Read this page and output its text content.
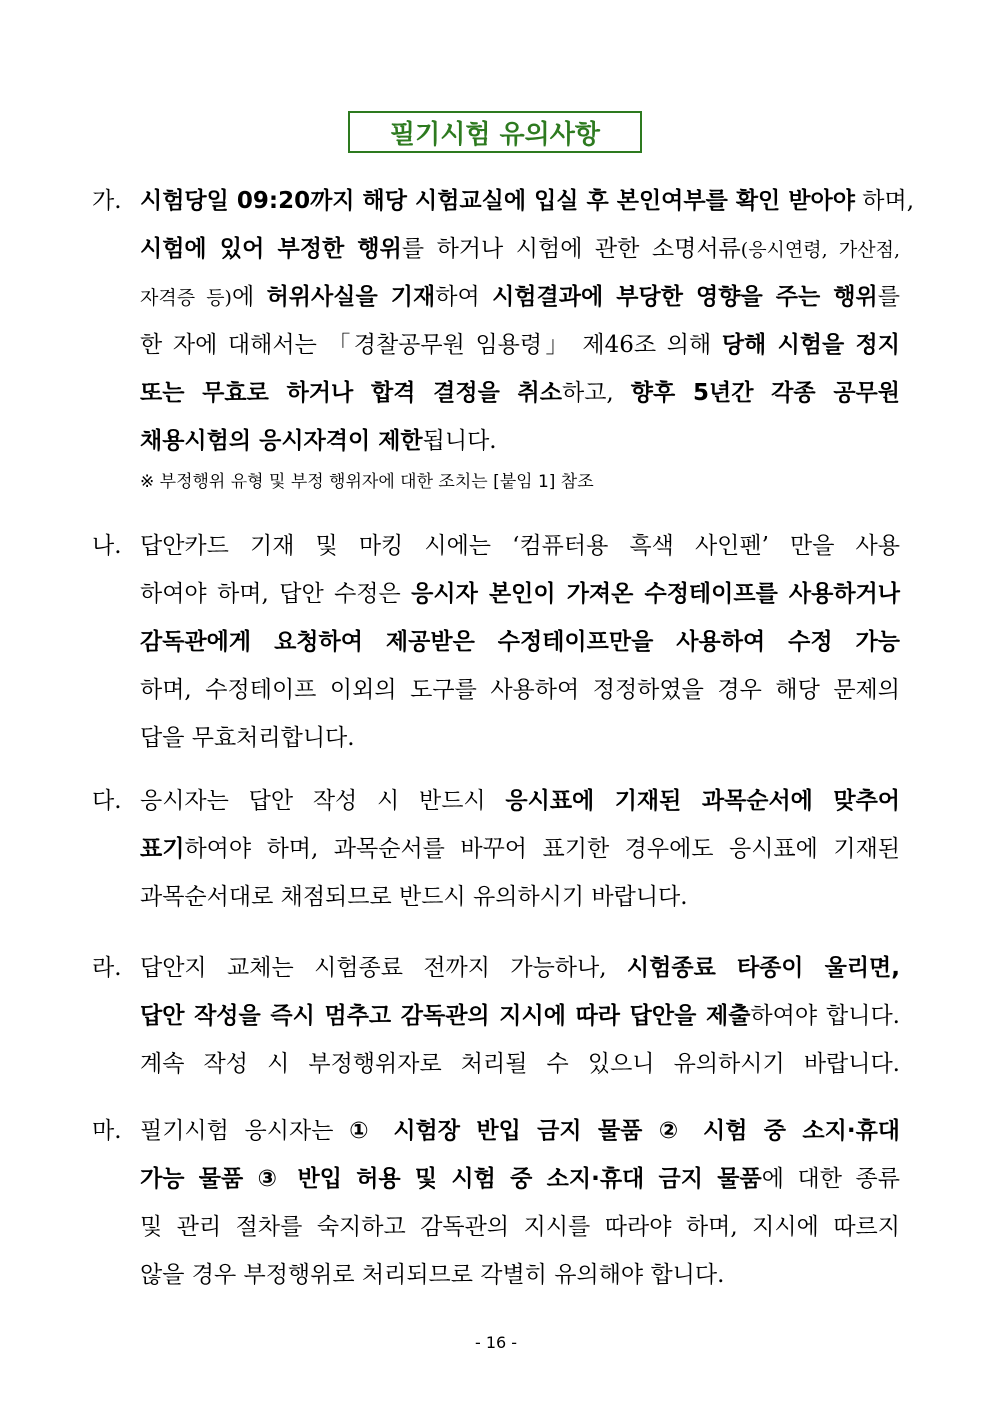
필기시험 유의사항
가. 시험당일 09:20까지 해당 시험교실에 입실 후 본인여부를 확인 받아야 하며,
시험에 있어 부정한 행위를 하거나 시험에 관한 소명서류(응시연령, 가산점,
자격증 등)에 허위사실을 기재하여 시험결과에 부당한 영향을 주는 행위를
한 자에 대해서는 「경찰공무원 임용령」 제46조 의해 당해 시험을 정지
또는 무효로 하거나 합격 결정을 취소하고, 향후 5년간 각종 공무원
채용시험의 응시자격이 제한됩니다.
※ 부정행위 유형 및 부정 행위자에 대한 조치는 [붙임 1] 참조
나. 답안카드 기재 및 마킹 시에는 ‘컴퓨터용 흑색 사인펜’ 만을 사용
하여야 하며, 답안 수정은 응시자 본인이 가져온 수정테이프를 사용하거나
감독관에게 요청하여 제공받은 수정테이프만을 사용하여 수정 가능
하며, 수정테이프 이외의 도구를 사용하여 정정하였을 경우 해당 문제의
답을 무효처리합니다.
다. 응시자는 답안 작성 시 반드시 응시표에 기재된 과목순서에 맞추어
표기하여야 하며, 과목순서를 바꾸어 표기한 경우에도 응시표에 기재된
과목순서대로 채점되므로 반드시 유의하시기 바랍니다.
라. 답안지 교체는 시험종료 전까지 가능하나, 시험종료 타종이 울리면,
답안 작성을 즉시 멈추고 감독관의 지시에 따라 답안을 제출하여야 합니다.
계속 작성 시 부정행위자로 처리될 수 있으니 유의하시기 바랍니다.
마. 필기시험 응시자는 ① 시험장 반입 금지 물품 ② 시험 중 소지·휴대
가능 물품 ③ 반입 허용 및 시험 중 소지·휴대 금지 물품에 대한 종류
및 관리 절차를 숙지하고 감독관의 지시를 따라야 하며, 지시에 따르지
않을 경우 부정행위로 처리되므로 각별히 유의해야 합니다.
- 16 -
